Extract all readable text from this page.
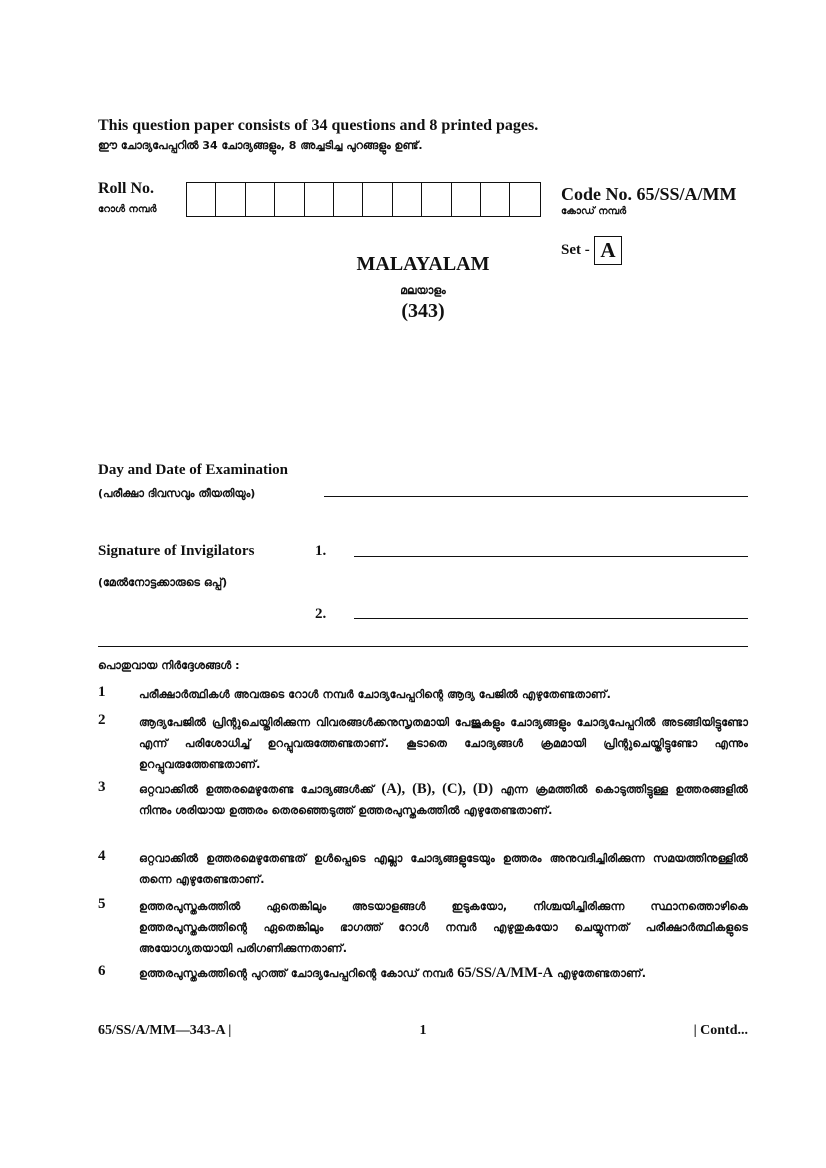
This question paper consists of 34 questions and 8 printed pages.
ഈ ചോദ്യപേപ്പറിൽ 34 ചോദ്യങ്ങളും, 8 അച്ചടിച്ച പുറങ്ങളും ഉണ്ട്.
Roll No.
റോൾ നമ്പർ
Code No. 65/SS/A/MM
കോഡ് നമ്പർ
Set - A
MALAYALAM
മലയാളം
(343)
Day and Date of Examination
(പരീക്ഷാ ദിവസവും തീയതിയും)
Signature of Invigilators
(മേൽനോട്ടക്കാരുടെ ഒപ്പ്)
1.
2.
പൊതുവായ നിർദ്ദേശങ്ങൾ :
1	പരീക്ഷാർത്ഥികൾ അവരുടെ റോൾ നമ്പർ ചോദ്യപേപ്പറിന്റെ ആദ്യ പേജിൽ എഴുതേണ്ടതാണ്.
2	ആദ്യപേജിൽ പ്രിന്റുചെയ്തിരിക്കുന്ന വിവരങ്ങൾക്കനുസൃതമായി പേജുകളും ചോദ്യങ്ങളും ചോദ്യപേപ്പറിൽ അടങ്ങിയിട്ടുണ്ടോ എന്ന് പരിശോധിച്ച് ഉറപ്പുവരുത്തേണ്ടതാണ്. കൂടാതെ ചോദ്യങ്ങൾ ക്രമമായി പ്രിന്റുചെയ്തിട്ടുണ്ടോ എന്നും ഉറപ്പുവരുത്തേണ്ടതാണ്.
3	ഒറ്റവാക്കിൽ ഉത്തരമെഴുതേണ്ട ചോദ്യങ്ങൾക്ക് (A), (B), (C), (D) എന്ന ക്രമത്തിൽ കൊടുത്തിട്ടുള്ള ഉത്തരങ്ങളിൽ നിന്നും ശരിയായ ഉത്തരം തെരഞ്ഞെടുത്ത് ഉത്തരപുസ്തകത്തിൽ എഴുതേണ്ടതാണ്.
4	ഒറ്റവാക്കിൽ ഉത്തരമെഴുതേണ്ടത് ഉൾപ്പെടെ എല്ലാ ചോദ്യങ്ങളുടേയും ഉത്തരം അനുവദിച്ചിരിക്കുന്ന സമയത്തിനുള്ളിൽ തന്നെ എഴുതേണ്ടതാണ്.
5	ഉത്തരപുസ്തകത്തിൽ ഏതെങ്കിലും അടയാളങ്ങൾ ഇടുകയോ, നിശ്ചയിച്ചിരിക്കുന്ന സ്ഥാനത്തൊഴികെ ഉത്തരപുസ്തകത്തിന്റെ ഏതെങ്കിലും ഭാഗത്ത് റോൾ നമ്പർ എഴുതുകയോ ചെയ്യുന്നത് പരീക്ഷാർത്ഥികളുടെ അയോഗ്യതയായി പരിഗണിക്കുന്നതാണ്.
6	ഉത്തരപുസ്തകത്തിന്റെ പുറത്ത് ചോദ്യപേപ്പറിന്റെ കോഡ് നമ്പർ 65/SS/A/MM-A എഴുതേണ്ടതാണ്.
65/SS/A/MM—343-A |	1	| Contd...
